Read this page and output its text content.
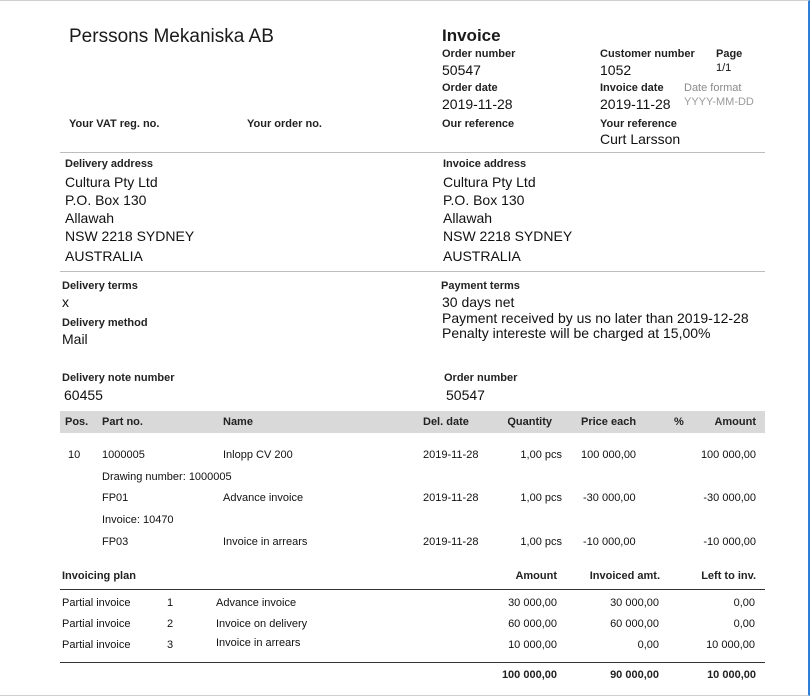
Perssons Mekaniska AB	Invoice
Order number
50547
Customer number
1052
Page
1/1
Order date
2019-11-28
Invoice date
2019-11-28
Date format
YYYY-MM-DD
Your VAT reg. no.	Your order no.	Our reference	Your reference
Curt Larsson
Delivery address
Cultura Pty Ltd
P.O. Box 130
Allawah
NSW 2218 SYDNEY
AUSTRALIA
Invoice address
Cultura Pty Ltd
P.O. Box 130
Allawah
NSW 2218 SYDNEY
AUSTRALIA
Delivery terms
x
Delivery method
Mail
Payment terms
30 days net
Payment received by us no later than 2019-12-28
Penalty intereste will be charged at 15,00%
Delivery note number
60455
Order number
50547
Pos. Part no.	Name	Del. date	Quantity	Price each	%	Amount
10 1000005	Inlopp CV 200	2019-11-28	1,00 pcs 100 000,00	100 000,00
Drawing number: 1000005
FP01	Advance invoice	2019-11-28	1,00 pcs -30 000,00	-30 000,00
Invoice: 10470
FP03	Invoice in arrears	2019-11-28	1,00 pcs -10 000,00	-10 000,00
Invoicing plan	Amount	Invoiced amt.	Left to inv.
Partial invoice	1	Advance invoice	30 000,00	30 000,00	0,00
Partial invoice	2	Invoice on delivery	60 000,00	60 000,00	0,00
Partial invoice	3	Invoice in arrears	10 000,00	0,00	10 000,00
100 000,00	90 000,00	10 000,00
